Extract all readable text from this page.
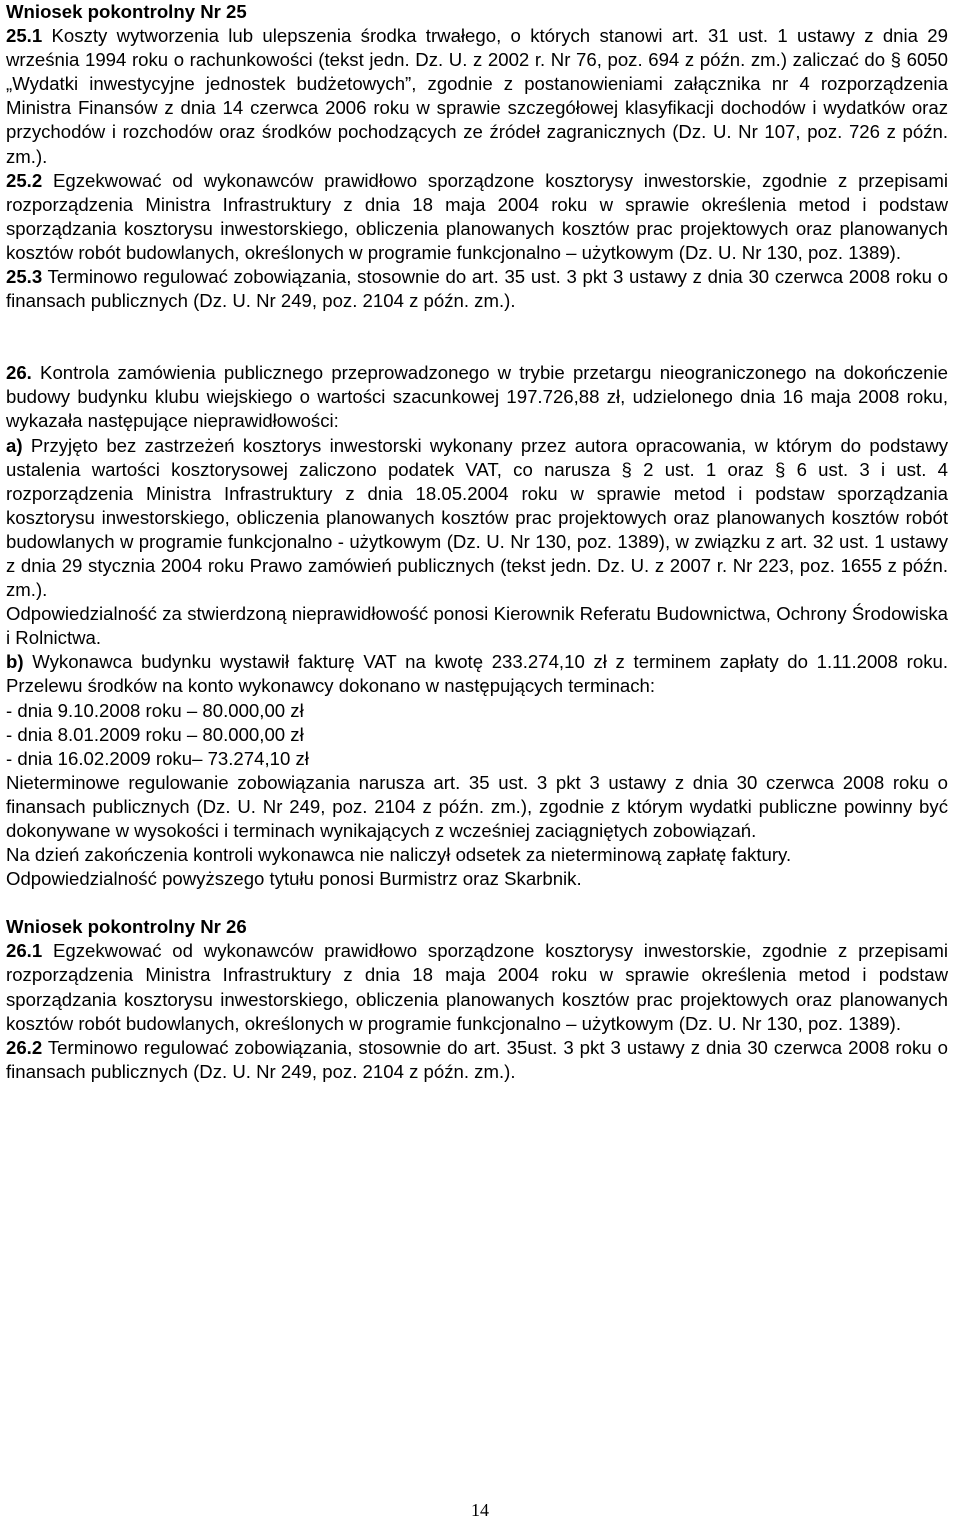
Wniosek pokontrolny Nr 25

25.1 Koszty wytworzenia lub ulepszenia środka trwałego, o których stanowi art. 31 ust. 1 ustawy z dnia 29 września 1994 roku o rachunkowości (tekst jedn. Dz. U. z 2002 r. Nr 76, poz. 694 z późn. zm.) zaliczać do § 6050 „Wydatki inwestycyjne jednostek budżetowych”, zgodnie z postanowieniami załącznika nr 4 rozporządzenia Ministra Finansów z dnia 14 czerwca 2006 roku w sprawie szczegółowej klasyfikacji dochodów i wydatków oraz przychodów i rozchodów oraz środków pochodzących ze źródeł zagranicznych (Dz. U. Nr 107, poz. 726 z późn. zm.).

25.2 Egzekwować od wykonawców prawidłowo sporządzone kosztorysy inwestorskie, zgodnie z przepisami rozporządzenia Ministra Infrastruktury z dnia 18 maja 2004 roku w sprawie określenia metod i podstaw sporządzania kosztorysu inwestorskiego, obliczenia planowanych kosztów prac projektowych oraz planowanych kosztów robót budowlanych, określonych w programie funkcjonalno – użytkowym (Dz. U. Nr 130, poz. 1389).

25.3 Terminowo regulować zobowiązania, stosownie do art. 35 ust. 3 pkt 3 ustawy z dnia 30 czerwca 2008 roku o finansach publicznych (Dz. U. Nr 249, poz. 2104 z późn. zm.).

26. Kontrola zamówienia publicznego przeprowadzonego w trybie przetargu nieograniczonego na dokończenie budowy budynku klubu wiejskiego o wartości szacunkowej 197.726,88 zł, udzielonego dnia 16 maja 2008 roku, wykazała następujące nieprawidłowości:

a) Przyjęto bez zastrzeżeń kosztorys inwestorski wykonany przez autora opracowania, w którym do podstawy ustalenia wartości kosztorysowej zaliczono podatek VAT, co narusza § 2 ust. 1 oraz § 6 ust. 3 i ust. 4 rozporządzenia Ministra Infrastruktury z dnia 18.05.2004 roku w sprawie metod i podstaw sporządzania kosztorysu inwestorskiego, obliczenia planowanych kosztów prac projektowych oraz planowanych kosztów robót budowlanych w programie funkcjonalno - użytkowym (Dz. U. Nr 130, poz. 1389), w związku z art. 32 ust. 1 ustawy z dnia 29 stycznia 2004 roku Prawo zamówień publicznych (tekst jedn. Dz. U. z 2007 r. Nr 223, poz. 1655 z późn. zm.).

Odpowiedzialność za stwierdzoną nieprawidłowość ponosi Kierownik Referatu Budownictwa, Ochrony Środowiska i Rolnictwa.

b) Wykonawca budynku wystawił fakturę VAT na kwotę 233.274,10 zł z terminem zapłaty do 1.11.2008 roku. Przelewu środków na konto wykonawcy dokonano w następujących terminach:

- dnia 9.10.2008 roku – 80.000,00 zł

- dnia 8.01.2009 roku – 80.000,00 zł

- dnia 16.02.2009 roku– 73.274,10 zł

Nieterminowe regulowanie zobowiązania narusza art. 35 ust. 3 pkt 3 ustawy z dnia 30 czerwca 2008 roku o finansach publicznych (Dz. U. Nr 249, poz. 2104 z późn. zm.), zgodnie z którym wydatki publiczne powinny być dokonywane w wysokości i terminach wynikających z wcześniej zaciągniętych zobowiązań.

Na dzień zakończenia kontroli wykonawca nie naliczył odsetek za nieterminową zapłatę faktury.

Odpowiedzialność powyższego tytułu ponosi Burmistrz oraz Skarbnik.

Wniosek pokontrolny Nr 26

26.1 Egzekwować od wykonawców prawidłowo sporządzone kosztorysy inwestorskie, zgodnie z przepisami rozporządzenia Ministra Infrastruktury z dnia 18 maja 2004 roku w sprawie określenia metod i podstaw sporządzania kosztorysu inwestorskiego, obliczenia planowanych kosztów prac projektowych oraz planowanych kosztów robót budowlanych, określonych w programie funkcjonalno – użytkowym (Dz. U. Nr 130, poz. 1389).

26.2 Terminowo regulować zobowiązania, stosownie do art. 35ust. 3 pkt 3 ustawy z dnia 30 czerwca 2008 roku o finansach publicznych (Dz. U. Nr 249, poz. 2104 z późn. zm.).

14
